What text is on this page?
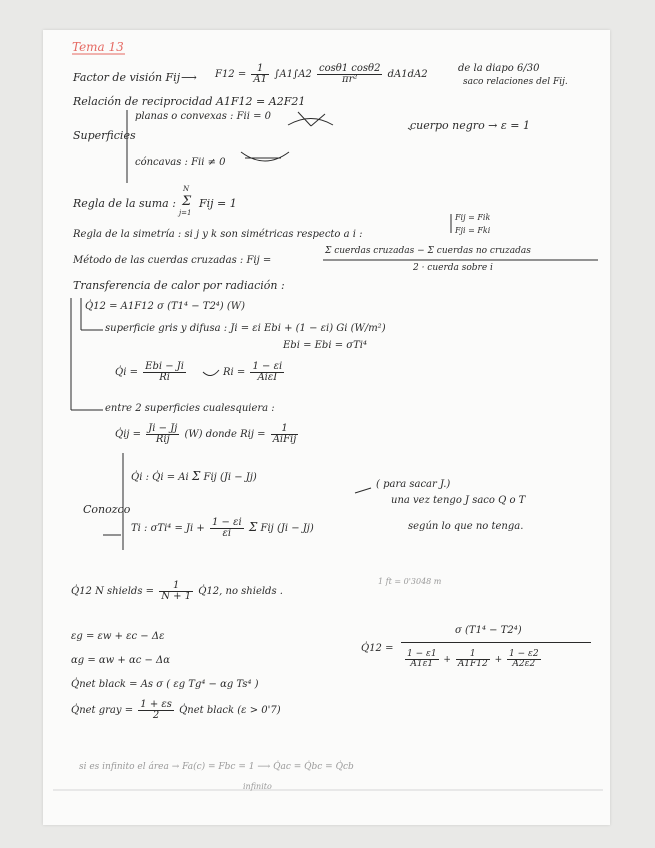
Tema 13
Factor de visión Fij ⟶ $F12 = \frac{1}{A1} \int A1\int A2 \frac{\cos\theta 1 \cos\theta 2}{\text{πr²}} dA1dA2$
de la diapo 6/30
saco relaciones del Fij.
Relación de reciprocidad A1F12 = A2F21
Superficies
planas o convexas : Fii = 0
cóncavas : Fii ≠ 0
cuerpo negro → ε = 1
Regla de la suma :
N
Σ
j=1
Fij = 1
Regla de la simetría : si j y k son simétricas respecto a i :
Fij = Fik
Fji = Fki
Método de las cuerdas cruzadas : Fij =
Σ cuerdas cruzadas − Σ cuerdas no cruzadas
2 · cuerda sobre i
Transferencia de calor por radiación :
Q̇12 = A1F12 σ (T1⁴ − T2⁴) (W)
superficie gris y difusa : Ji = εi Ebi + (1 − εi) Gi (W/m²)
Ebi = Ebi = σTi⁴
Q̇i = $\frac{\text{Ebi − Ji}}{Ri}$	$Ri = \frac{1 - \varepsilon i}{\text{AiεI}}$
entre 2 superficies cualesquiera :
Q̇ij = $\frac{Ji - Jj}{\text{Rij}} (W)$ donde Rij = $\frac{1}{\text{AiFij}}$
Conozco
Q̇i : Q̇i = Ai Σ Fij (Ji − Jj)
Ti : $\sigma Ti^4 = Ji + \frac{1 - \varepsilon i}{\varepsilon i}$ Σ Fij (Ji − Jj)	según lo que no tenga.
( para sacar J.)
una vez tengo J saco Q o T
Q̇12 N shields = $\frac{1}{N + 1}$ Q̇12, no shields .
1 ft = 0'3048 m
εg = εw + εc − Δε
αg = αw + αc − Δα
Q̇net black = As σ ( εg Tg⁴ − αg Ts⁴ )
Q̇net gray = $\frac{1 + \varepsilon s}{2}$ Q̇net black (ε > 0'7)
Q̇12 =
σ (T1⁴ − T2⁴)
$\frac{1 - \varepsilon 1}{A1\varepsilon 1} + \frac{1}{A1F12} + \frac{1 - \varepsilon 2}{A2\varepsilon 2}$
si es infinito el área → Fa(c) = Fbc = 1 ⟶ Q̇ac = Q̇bc = Q̇cb
infinito
